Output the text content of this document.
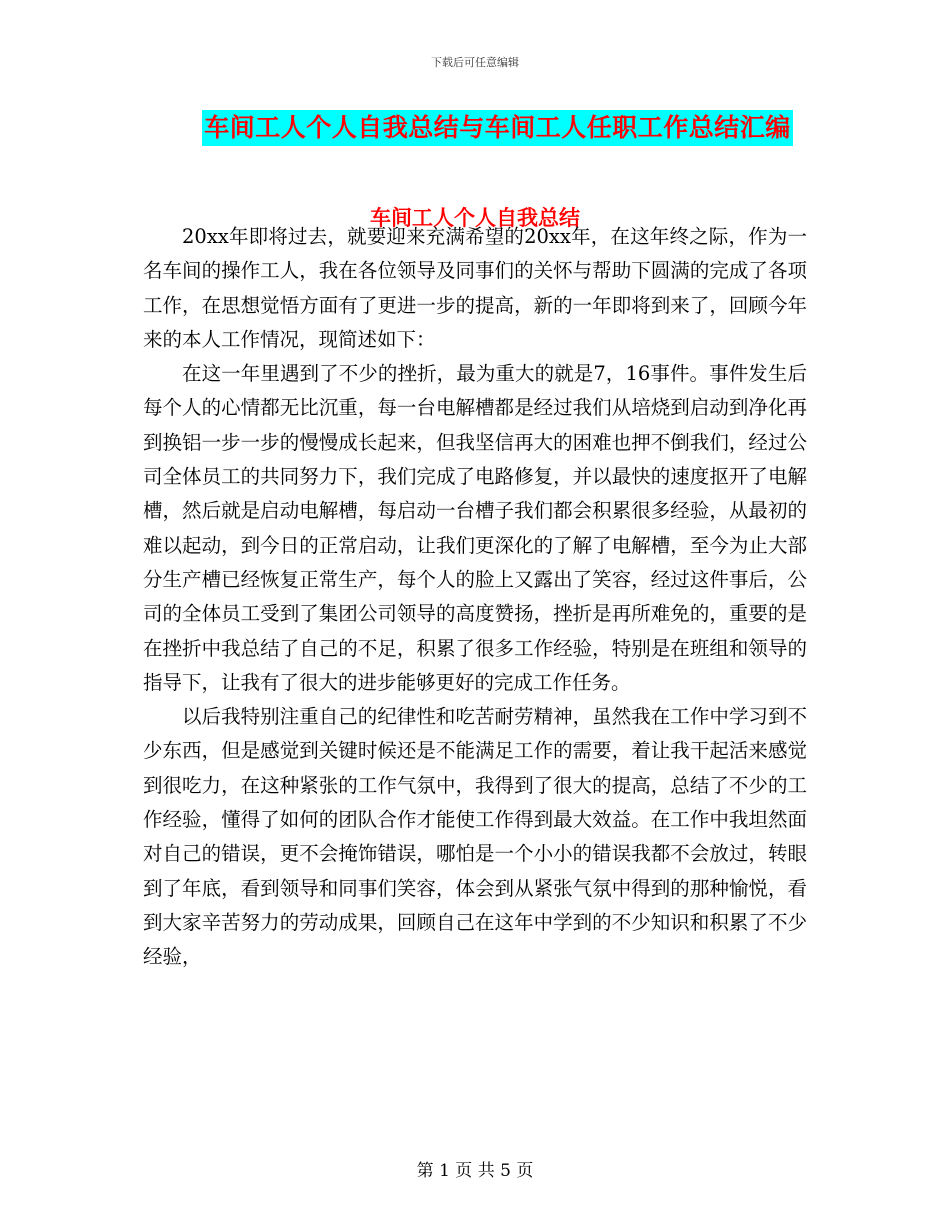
下载后可任意编辑
车间工人个人自我总结与车间工人任职工作总结汇编
车间工人个人自我总结

20xx年即将过去，就要迎来充满希望的20xx年，在这年终之际，作为一名车间的操作工人，我在各位领导及同事们的关怀与帮助下圆满的完成了各项工作，在思想觉悟方面有了更进一步的提高，新的一年即将到来了，回顾今年来的本人工作情况，现简述如下：

在这一年里遇到了不少的挫折，最为重大的就是7，16事件。事件发生后每个人的心情都无比沉重，每一台电解槽都是经过我们从培烧到启动到净化再到换铝一步一步的慢慢成长起来，但我坚信再大的困难也押不倒我们，经过公司全体员工的共同努力下，我们完成了电路修复，并以最快的速度抠开了电解槽，然后就是启动电解槽，每启动一台槽子我们都会积累很多经验，从最初的难以起动，到今日的正常启动，让我们更深化的了解了电解槽，至今为止大部分生产槽已经恢复正常生产，每个人的脸上又露出了笑容，经过这件事后，公司的全体员工受到了集团公司领导的高度赞扬，挫折是再所难免的，重要的是在挫折中我总结了自己的不足，积累了很多工作经验，特别是在班组和领导的指导下，让我有了很大的进步能够更好的完成工作任务。

以后我特别注重自己的纪律性和吃苦耐劳精神，虽然我在工作中学习到不少东西，但是感觉到关键时候还是不能满足工作的需要，着让我干起活来感觉到很吃力，在这种紧张的工作气氛中，我得到了很大的提高，总结了不少的工作经验，懂得了如何的团队合作才能使工作得到最大效益。在工作中我坦然面对自己的错误，更不会掩饰错误，哪怕是一个小小的错误我都不会放过，转眼到了年底，看到领导和同事们笑容，体会到从紧张气氛中得到的那种愉悦，看到大家辛苦努力的劳动成果，回顾自己在这年中学到的不少知识和积累了不少经验，

第 1 页 共 5 页
